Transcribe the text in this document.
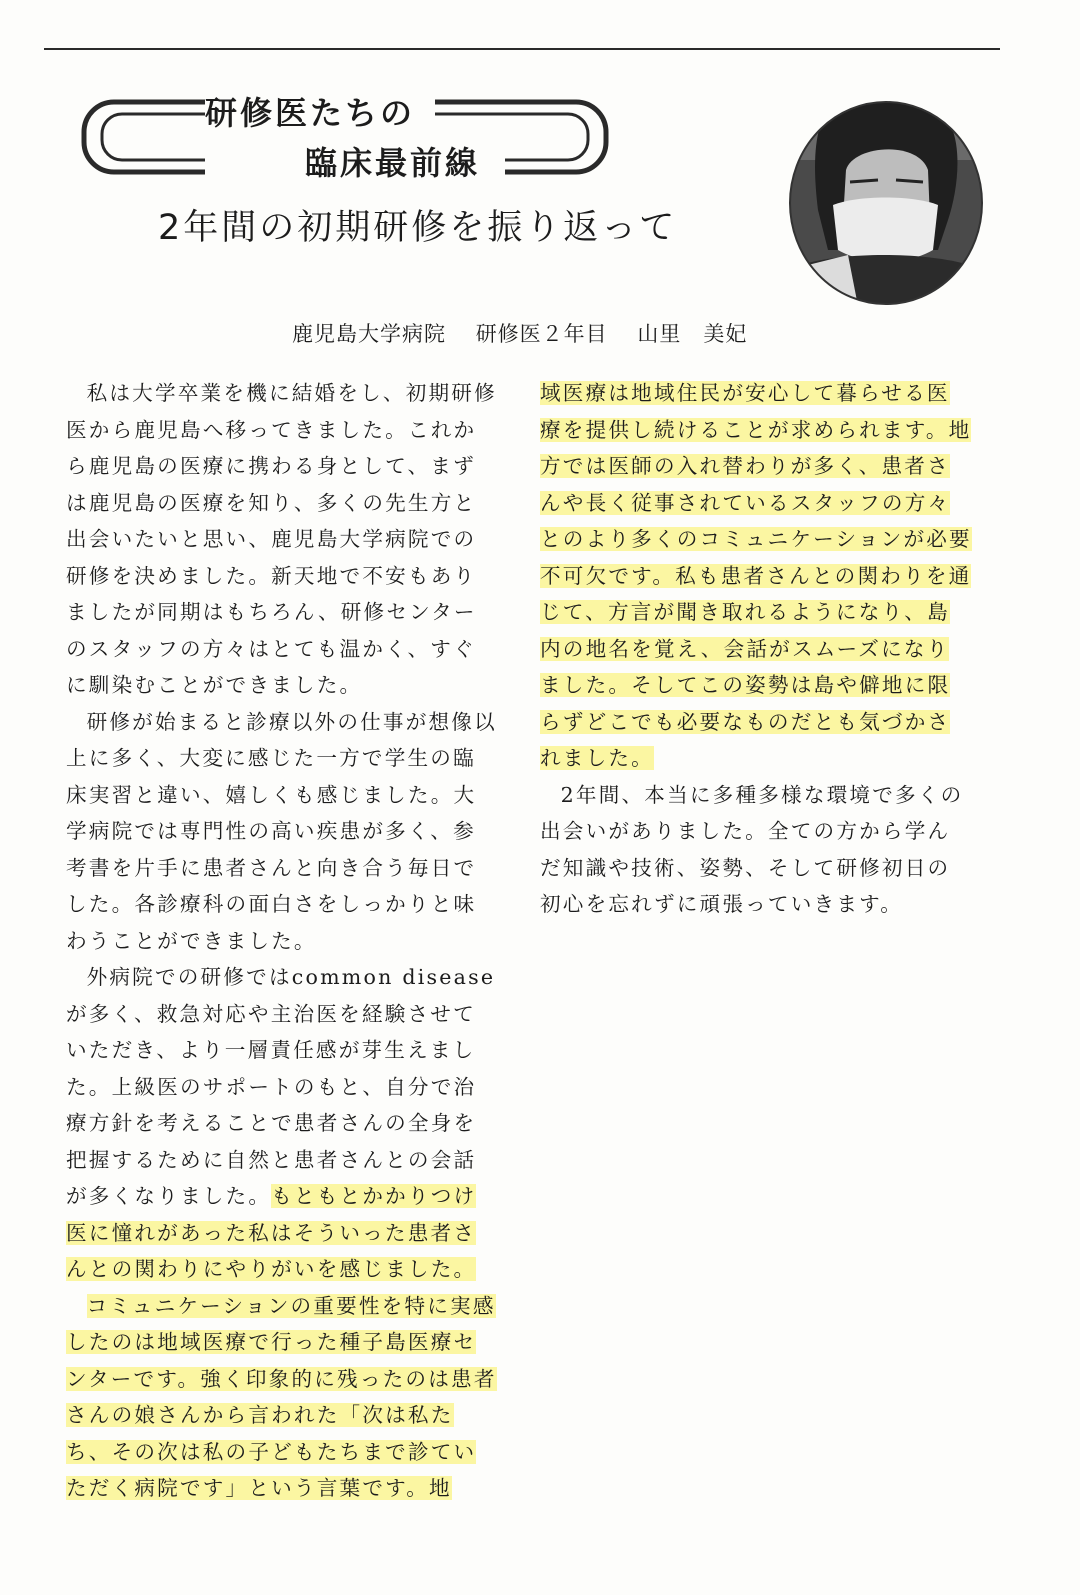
研修医たちの
臨床最前線
2年間の初期研修を振り返って
鹿児島大学病院 研修医２年目 山里　美妃

私は大学卒業を機に結婚をし、初期研修医から鹿児島へ移ってきました。これから鹿児島の医療に携わる身として、まずは鹿児島の医療を知り、多くの先生方と出会いたいと思い、鹿児島大学病院での研修を決めました。新天地で不安もありましたが同期はもちろん、研修センターのスタッフの方々はとても温かく、すぐに馴染むことができました。

研修が始まると診療以外の仕事が想像以上に多く、大変に感じた一方で学生の臨床実習と違い、嬉しくも感じました。大学病院では専門性の高い疾患が多く、参考書を片手に患者さんと向き合う毎日でした。各診療科の面白さをしっかりと味わうことができました。

外病院での研修ではcommon diseaseが多く、救急対応や主治医を経験させていただき、より一層責任感が芽生えました。上級医のサポートのもと、自分で治療方針を考えることで患者さんの全身を把握するために自然と患者さんとの会話が多くなりました。もともとかかりつけ医に憧れがあった私はそういった患者さんとの関わりにやりがいを感じました。

コミュニケーションの重要性を特に実感したのは地域医療で行った種子島医療センターです。強く印象的に残ったのは患者さんの娘さんから言われた「次は私たち、その次は私の子どもたちまで診ていただく病院です」という言葉です。地

域医療は地域住民が安心して暮らせる医療を提供し続けることが求められます。地方では医師の入れ替わりが多く、患者さんや長く従事されているスタッフの方々とのより多くのコミュニケーションが必要不可欠です。私も患者さんとの関わりを通じて、方言が聞き取れるようになり、島内の地名を覚え、会話がスムーズになりました。そしてこの姿勢は島や僻地に限らずどこでも必要なものだとも気づかされました。

2年間、本当に多種多様な環境で多くの出会いがありました。全ての方から学んだ知識や技術、姿勢、そして研修初日の初心を忘れずに頑張っていきます。
